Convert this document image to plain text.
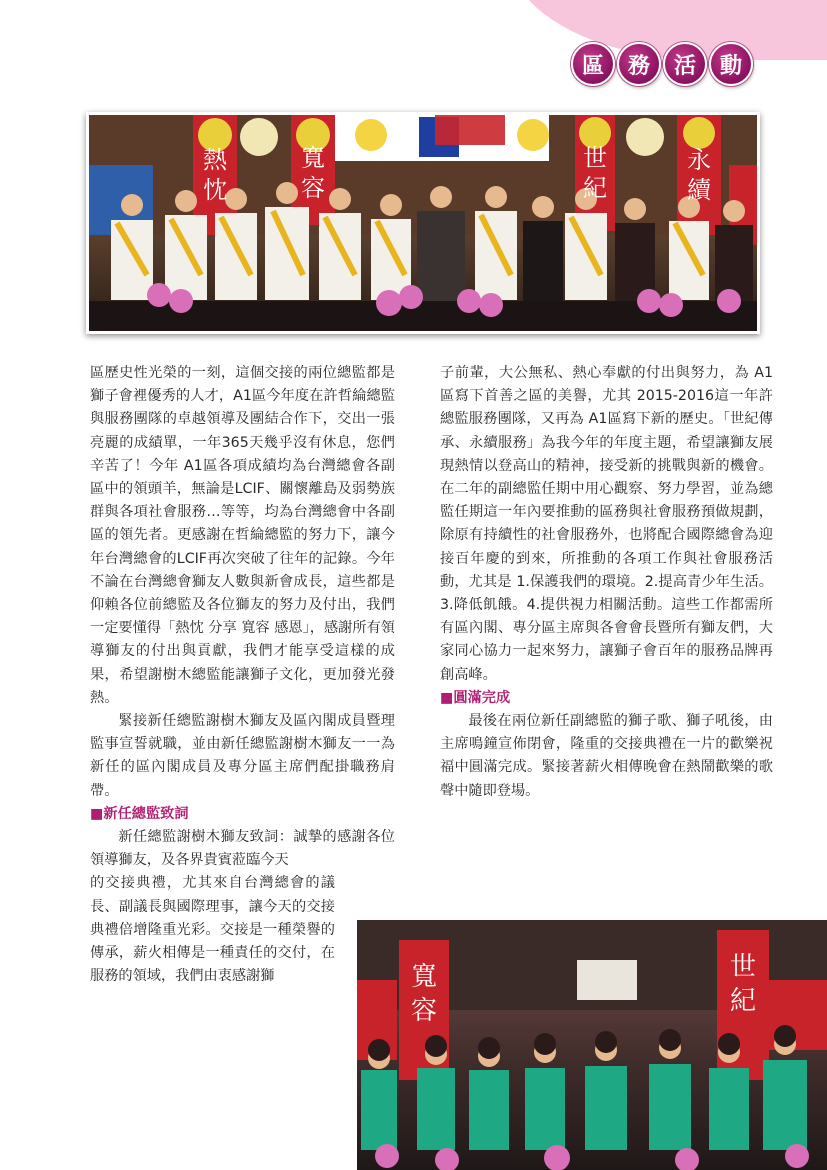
區	務	活	動
熱
忱
寬
容
世
紀
永
續

區歷史性光榮的一刻，這個交接的兩位總監都是獅子會裡優秀的人才，A1區今年度在許哲綸總監與服務團隊的卓越領導及團結合作下，交出一張亮麗的成績單，一年365天幾乎沒有休息，您們辛苦了！今年 A1區各項成績均為台灣總會各副區中的領頭羊，無論是LCIF、關懷離島及弱勢族群與各項社會服務…等等，均為台灣總會中各副區的領先者。更感謝在哲綸總監的努力下，讓今年台灣總會的LCIF再次突破了往年的記錄。今年不論在台灣總會獅友人數與新會成長，這些都是仰賴各位前總監及各位獅友的努力及付出，我們一定要懂得「熱忱 分享 寬容 感恩」，感謝所有領導獅友的付出與貢獻，我們才能享受這樣的成果，希望謝樹木總監能讓獅子文化，更加發光發熱。

緊接新任總監謝樹木獅友及區內閣成員暨理監事宣誓就職，並由新任總監謝樹木獅友一一為新任的區內閣成員及專分區主席們配掛職務肩帶。

■新任總監致詞

新任總監謝樹木獅友致詞：誠摯的感謝各位領導獅友，及各界貴賓蒞臨今天

的交接典禮，尤其來自台灣總會的議長、副議長與國際理事，讓今天的交接典禮倍增隆重光彩。交接是一種榮譽的傳承，薪火相傳是一種責任的交付，在服務的領域，我們由衷感謝獅

子前輩，大公無私、熱心奉獻的付出與努力，為 A1區寫下首善之區的美譽，尤其 2015-2016這一年許總監服務團隊，又再為 A1區寫下新的歷史。「世紀傳承、永續服務」為我今年的年度主題，希望讓獅友展現熱情以登高山的精神，接受新的挑戰與新的機會。在二年的副總監任期中用心觀察、努力學習，並為總監任期這一年內要推動的區務與社會服務預做規劃，除原有持續性的社會服務外，也將配合國際總會為迎接百年慶的到來，所推動的各項工作與社會服務活動，尤其是 1.保護我們的環境。2.提高青少年生活。3.降低飢餓。4.提供視力相關活動。這些工作都需所有區內閣、專分區主席與各會會長暨所有獅友們，大家同心協力一起來努力，讓獅子會百年的服務品牌再創高峰。

■圓滿完成

最後在兩位新任副總監的獅子歌、獅子吼後，由主席鳴鐘宣佈閉會，隆重的交接典禮在一片的歡樂祝福中圓滿完成。緊接著薪火相傳晚會在熱鬧歡樂的歌聲中隨即登場。

寬
容
世
紀
